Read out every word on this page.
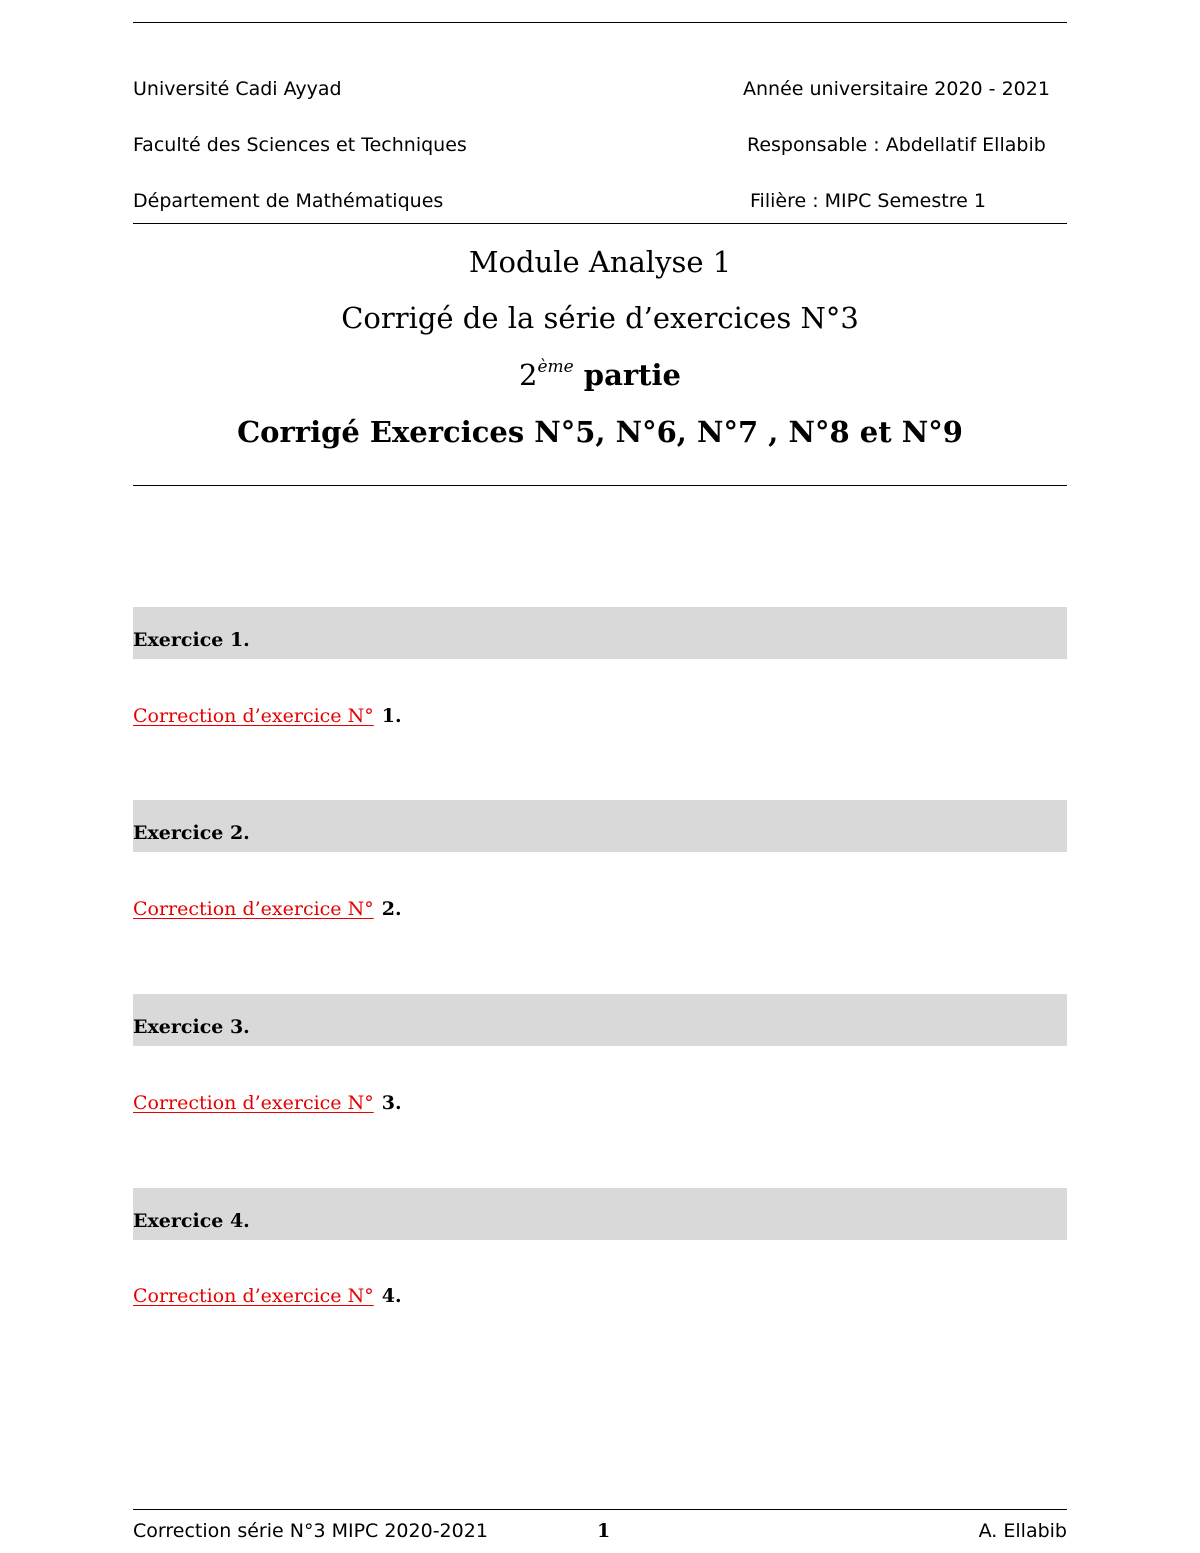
Université Cadi Ayyad	Année universitaire 2020 - 2021
Faculté des Sciences et Techniques	Responsable : Abdellatif Ellabib
Département de Mathématiques	Filière : MIPC Semestre 1
Module Analyse 1
Corrigé de la série d’exercices N°3
2ème partie
Corrigé Exercices N°5, N°6, N°7 , N°8 et N°9
Exercice 1.
Correction d’exercice N° 1.
Exercice 2.
Correction d’exercice N° 2.
Exercice 3.
Correction d’exercice N° 3.
Exercice 4.
Correction d’exercice N° 4.
Correction série N°3 MIPC 2020-2021	1	A. Ellabib
